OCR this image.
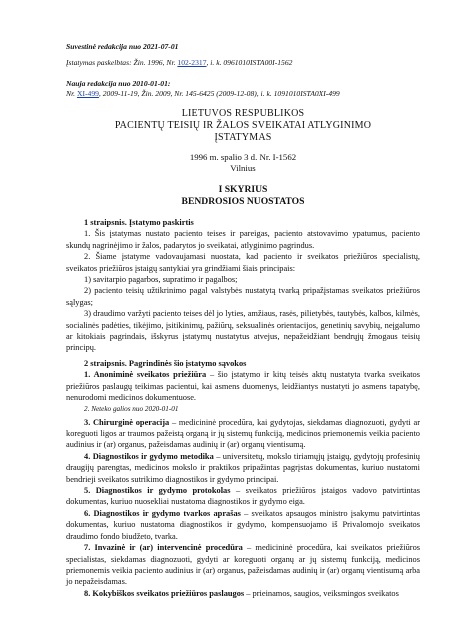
Suvestinė redakcija nuo 2021-07-01
Įstatymas paskelbtas: Žin. 1996, Nr. 102-2317, i. k. 0961010ISTA00I-1562
Nauja redakcija nuo 2010-01-01:
Nr. XI-499, 2009-11-19, Žin. 2009, Nr. 145-6425 (2009-12-08), i. k. 1091010ISTA0XI-499
LIETUVOS RESPUBLIKOS
PACIENTŲ TEISIŲ IR ŽALOS SVEIKATAI ATLYGINIMO
ĮSTATYMAS
1996 m. spalio 3 d. Nr. I-1562
Vilnius
I SKYRIUS
BENDROSIOS NUOSTATOS

1 straipsnis. Įstatymo paskirtis

1. Šis įstatymas nustato paciento teises ir pareigas, paciento atstovavimo ypatumus, paciento skundų nagrinėjimo ir žalos, padarytos jo sveikatai, atlyginimo pagrindus.

2. Šiame įstatyme vadovaujamasi nuostata, kad paciento ir sveikatos priežiūros specialistų, sveikatos priežiūros įstaigų santykiai yra grindžiami šiais principais:

1) savitarpio pagarbos, supratimo ir pagalbos;

2) paciento teisių užtikrinimo pagal valstybės nustatytą tvarką pripažįstamas sveikatos priežiūros sąlygas;

3) draudimo varžyti paciento teises dėl jo lyties, amžiaus, rasės, pilietybės, tautybės, kalbos, kilmės, socialinės padėties, tikėjimo, įsitikinimų, pažiūrų, seksualinės orientacijos, genetinių savybių, neįgalumo ar kitokiais pagrindais, išskyrus įstatymų nustatytus atvejus, nepažeidžiant bendrųjų žmogaus teisių principų.

2 straipsnis. Pagrindinės šio įstatymo sąvokos

1. Anoniminė sveikatos priežiūra – šio įstatymo ir kitų teisės aktų nustatyta tvarka sveikatos priežiūros paslaugų teikimas pacientui, kai asmens duomenys, leidžiantys nustatyti jo asmens tapatybę, nenurodomi medicinos dokumentuose.

2. Neteko galios nuo 2020-01-01

3. Chirurginė operacija – medicininė procedūra, kai gydytojas, siekdamas diagnozuoti, gydyti ar koreguoti ligos ar traumos pažeistą organą ir jų sistemų funkciją, medicinos priemonemis veikia paciento audinius ir (ar) organus, pažeisdamas audinių ir (ar) organų vientisumą.

4. Diagnostikos ir gydymo metodika – universitetų, mokslo tiriamųjų įstaigų, gydytojų profesinių draugijų parengtas, medicinos mokslo ir praktikos pripažintas pagrįstas dokumentas, kuriuo nustatomi bendrieji sveikatos sutrikimo diagnostikos ir gydymo principai.

5. Diagnostikos ir gydymo protokolas – sveikatos priežiūros įstaigos vadovo patvirtintas dokumentas, kuriuo nuosekliai nustatoma diagnostikos ir gydymo eiga.

6. Diagnostikos ir gydymo tvarkos aprašas – sveikatos apsaugos ministro įsakymu patvirtintas dokumentas, kuriuo nustatoma diagnostikos ir gydymo, kompensuojamo iš Privalomojo sveikatos draudimo fondo biudžeto, tvarka.

7. Invazinė ir (ar) intervencinė procedūra – medicininė procedūra, kai sveikatos priežiūros specialistas, siekdamas diagnozuoti, gydyti ar koreguoti organų ar jų sistemų funkciją, medicinos priemonemis veikia paciento audinius ir (ar) organus, pažeisdamas audinių ir (ar) organų vientisumą arba jo nepažeisdamas.

8. Kokybiškos sveikatos priežiūros paslaugos – prieinamos, saugios, veiksmingos sveikatos
